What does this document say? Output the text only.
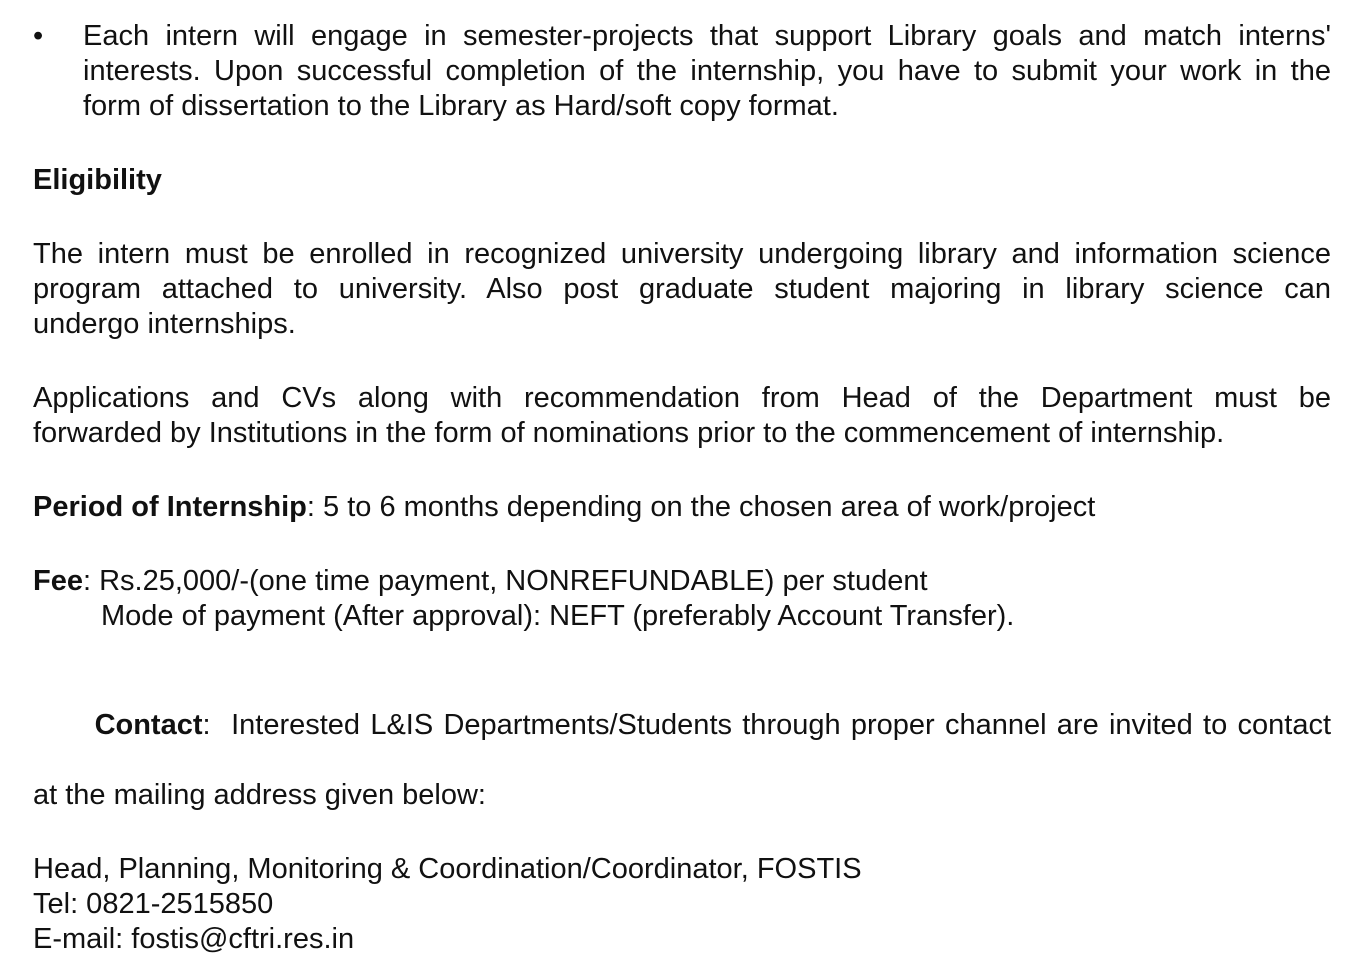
•	Each intern will engage in semester-projects that support Library goals and match interns'
interests. Upon successful completion of the internship, you have to submit your work in the
form of dissertation to the Library as Hard/soft copy format.

Eligibility

The intern must be enrolled in recognized university undergoing library and information science
program attached to university. Also post graduate student majoring in library science can
undergo internships.

Applications and CVs along with recommendation from Head of the Department must be
forwarded by Institutions in the form of nominations prior to the commencement of internship.

Period of Internship: 5 to 6 months depending on the chosen area of work/project

Fee: Rs.25,000/-(one time payment, NONREFUNDABLE) per student
Mode of payment (After approval): NEFT (preferably Account Transfer).

Contact:  Interested L&IS Departments/Students through proper channel are invited to contact

at the mailing address given below:

Head, Planning, Monitoring & Coordination/Coordinator, FOSTIS
Tel: 0821-2515850
E-mail: fostis@cftri.res.in
